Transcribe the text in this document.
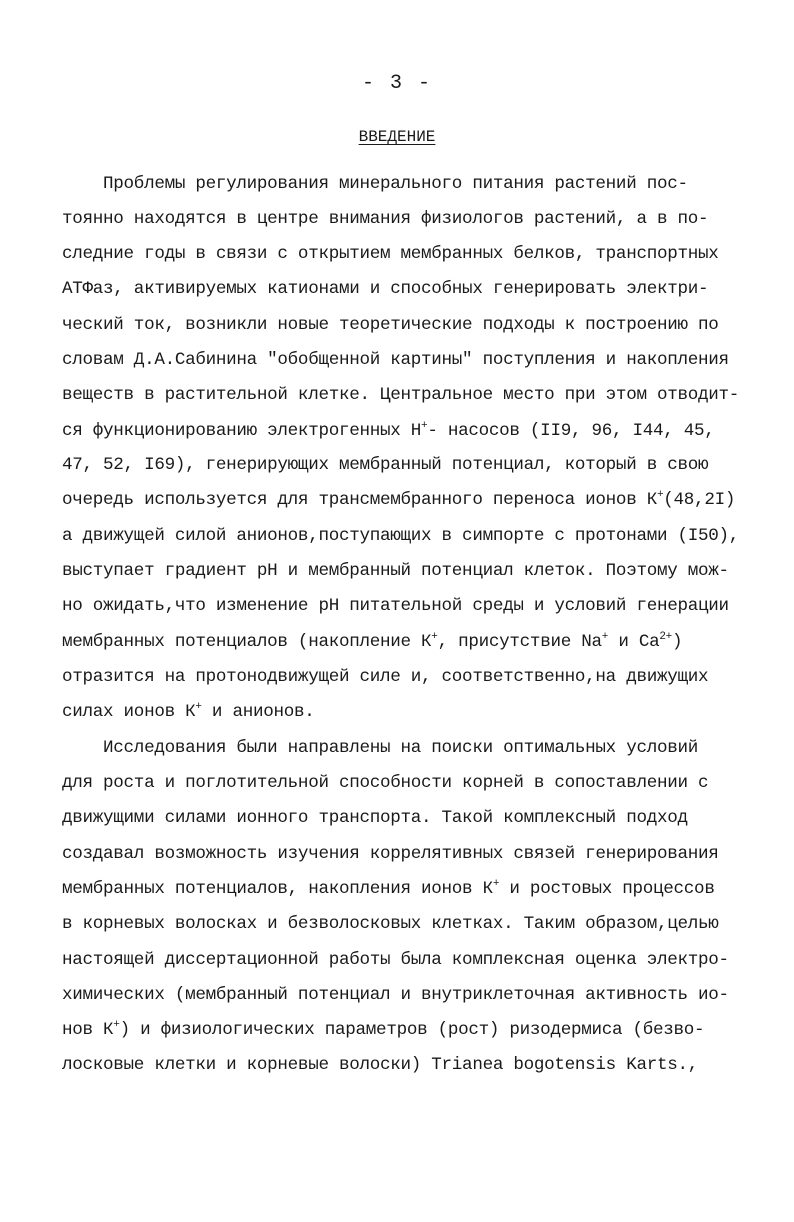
- 3 -
ВВЕДЕНИЕ
Проблемы регулирования минерального питания растений пос-
тоянно находятся в центре внимания физиологов растений, а в по-
следние годы в связи с открытием мембранных белков, транспортных
АТФаз, активируемых катионами и способных генерировать электри-
ческий ток, возникли новые теоретические подходы к построению по
словам Д.А.Сабинина "обобщенной картины" поступления и накопления
веществ в растительной клетке. Центральное место при этом отводит-
ся функционированию электрогенных Н+- насосов (II9, 96, I44, 45,
47, 52, I69), генерирующих мембранный потенциал, который в свою
очередь используется для трансмембранного переноса ионов К+(48,2I)
а движущей силой анионов,поступающих в симпорте с протонами (I50),
выступает градиент рН и мембранный потенциал клеток. Поэтому мож-
но ожидать,что изменение рН питательной среды и условий генерации
мембранных потенциалов (накопление К+, присутствие Na+ и $Са^{2+}$)
отразится на протонодвижущей силе и, соответственно,на движущих
силах ионов К+ и анионов.
Исследования были направлены на поиски оптимальных условий
для роста и поглотительной способности корней в сопоставлении с
движущими силами ионного транспорта. Такой комплексный подход
создавал возможность изучения коррелятивных связей генерирования
мембранных потенциалов, накопления ионов К+ и ростовых процессов
в корневых волосках и безволосковых клетках. Таким образом,целью
настоящей диссертационной работы была комплексная оценка электро-
химических (мембранный потенциал и внутриклеточная активность ио-
нов К+) и физиологических параметров (рост) ризодермиса (безво-
лосковые клетки и корневые волоски) Trianea bogotensis Karts.,
